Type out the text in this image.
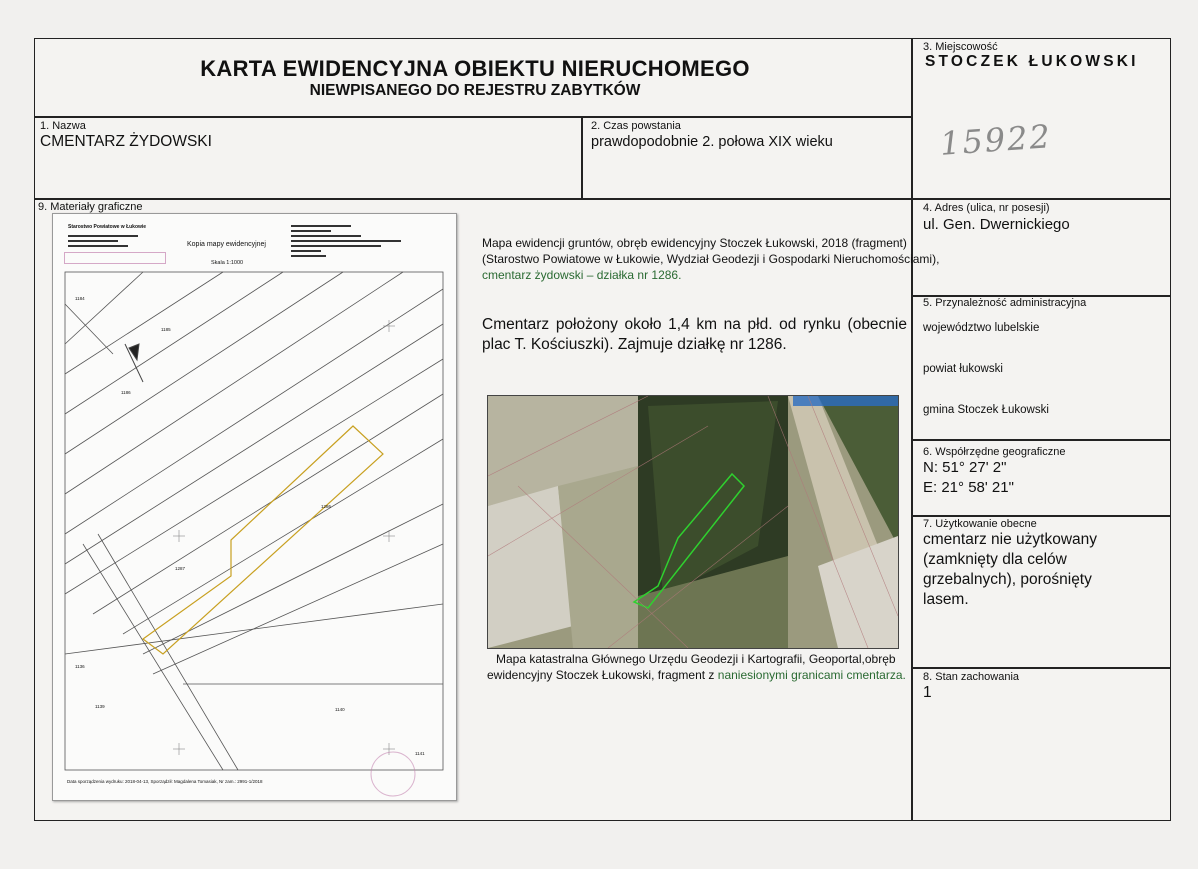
KARTA EWIDENCYJNA OBIEKTU NIERUCHOMEGO
NIEWPISANEGO DO REJESTRU ZABYTKÓW
3. Miejscowość
STOCZEK ŁUKOWSKI
15922
1. Nazwa
CMENTARZ ŻYDOWSKI
2. Czas powstania
prawdopodobnie 2. połowa XIX wieku
4. Adres (ulica, nr posesji)
ul. Gen. Dwernickiego
5. Przynależność administracyjna
województwo lubelskie
powiat łukowski
gmina Stoczek Łukowski
6. Współrzędne geograficzne
N: 51° 27' 2"
E: 21° 58' 21"
7. Użytkowanie obecne
cmentarz nie użytkowany (zamknięty dla celów grzebalnych), porośnięty lasem.
8. Stan zachowania
1
9. Materiały graficzne
Starostwo Powiatowe w Łukowie
Kopia mapy ewidencyjnej
Skala 1:1000
1286
1287
1184
1185
1186
1136
1139
1140
1141
Data sporządzenia wydruku: 2018-04-13, Sporządził: Magdalena Tomasiak, Nr zam.: 2991-1/2018
Mapa ewidencji gruntów, obręb ewidencyjny Stoczek Łukowski, 2018 (fragment)
(Starostwo Powiatowe w Łukowie, Wydział Geodezji i Gospodarki Nieruchomościami),
cmentarz żydowski – działka nr 1286.
Cmentarz położony około 1,4 km na płd. od rynku (obecnie plac T. Kościuszki). Zajmuje działkę nr 1286.
Mapa katastralna Głównego Urzędu Geodezji i Kartografii, Geoportal,obręb
ewidencyjny Stoczek Łukowski, fragment z naniesionymi granicami cmentarza.
